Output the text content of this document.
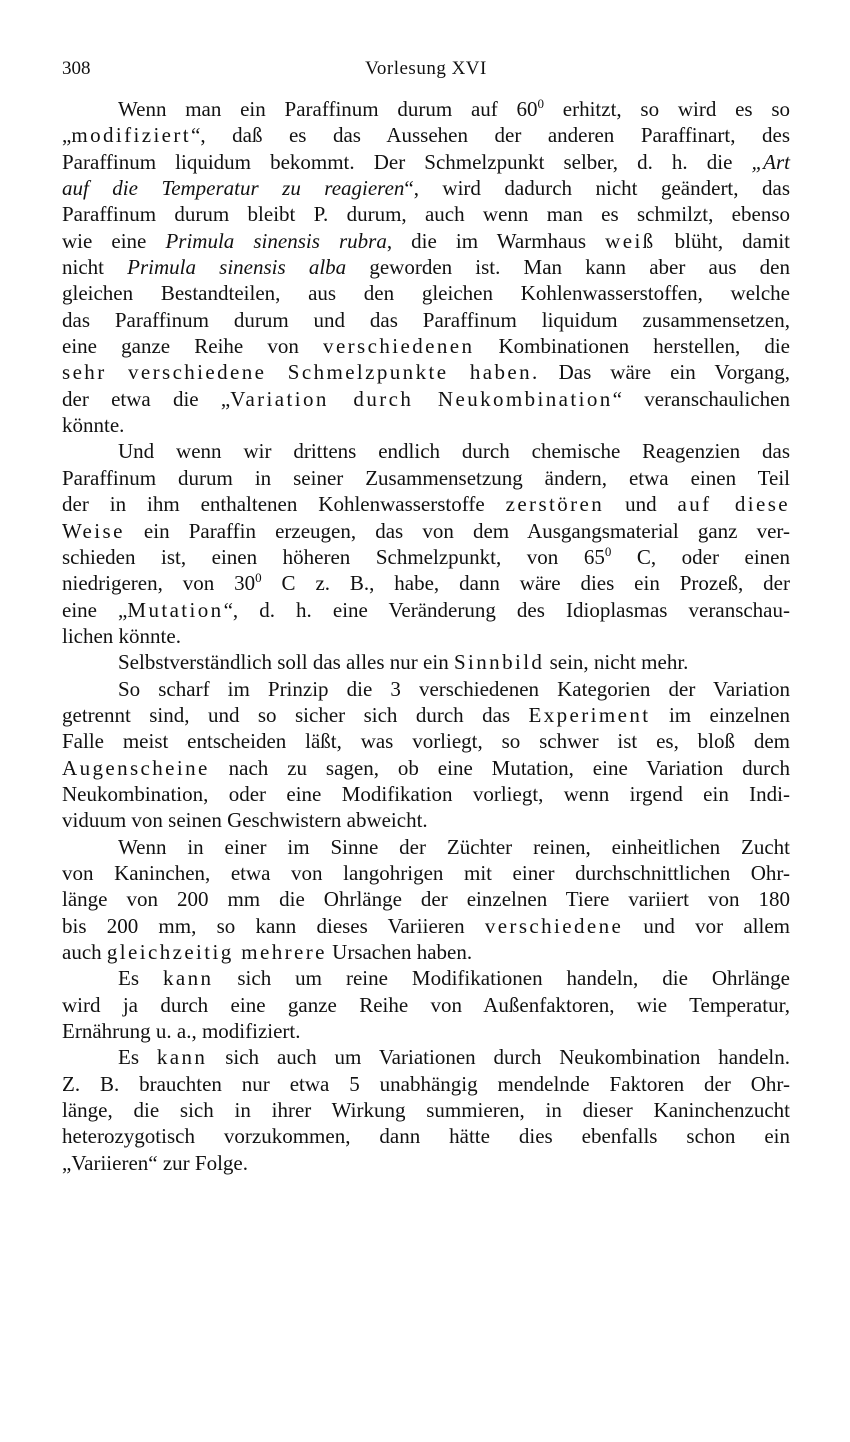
308	Vorlesung XVI
Wenn man ein Paraffinum durum auf $60^0$ erhitzt, so wird es so
„modifiziert“, daß es das Aussehen der anderen Paraffinart, des
Paraffinum liquidum bekommt. Der Schmelzpunkt selber, d. h. die „Art
auf die Temperatur zu reagieren“, wird dadurch nicht geändert, das
Paraffinum durum bleibt P. durum, auch wenn man es schmilzt, ebenso
wie eine Primula sinensis rubra, die im Warmhaus weiß blüht, damit
nicht Primula sinensis alba geworden ist. Man kann aber aus den
gleichen Bestandteilen, aus den gleichen Kohlenwasserstoffen, welche
das Paraffinum durum und das Paraffinum liquidum zusammensetzen,
eine ganze Reihe von verschiedenen Kombinationen herstellen, die
sehr verschiedene Schmelzpunkte haben. Das wäre ein Vorgang,
der etwa die „Variation durch Neukombination“ veranschaulichen
könnte.
Und wenn wir drittens endlich durch chemische Reagenzien das
Paraffinum durum in seiner Zusammensetzung ändern, etwa einen Teil
der in ihm enthaltenen Kohlenwasserstoffe zerstören und auf diese
Weise ein Paraffin erzeugen, das von dem Ausgangsmaterial ganz ver-
schieden ist, einen höheren Schmelzpunkt, von $65^0$ C, oder einen
niedrigeren, von $30^0$ C z. B., habe, dann wäre dies ein Prozeß, der
eine „Mutation“, d. h. eine Veränderung des Idioplasmas veranschau-
lichen könnte.
Selbstverständlich soll das alles nur ein Sinnbild sein, nicht mehr.
So scharf im Prinzip die 3 verschiedenen Kategorien der Variation
getrennt sind, und so sicher sich durch das Experiment im einzelnen
Falle meist entscheiden läßt, was vorliegt, so schwer ist es, bloß dem
Augenscheine nach zu sagen, ob eine Mutation, eine Variation durch
Neukombination, oder eine Modifikation vorliegt, wenn irgend ein Indi-
viduum von seinen Geschwistern abweicht.
Wenn in einer im Sinne der Züchter reinen, einheitlichen Zucht
von Kaninchen, etwa von langohrigen mit einer durchschnittlichen Ohr-
länge von 200 mm die Ohrlänge der einzelnen Tiere variiert von 180
bis 200 mm, so kann dieses Variieren verschiedene und vor allem
auch gleichzeitig mehrere Ursachen haben.
Es kann sich um reine Modifikationen handeln, die Ohrlänge
wird ja durch eine ganze Reihe von Außenfaktoren, wie Temperatur,
Ernährung u. a., modifiziert.
Es kann sich auch um Variationen durch Neukombination handeln.
Z. B. brauchten nur etwa 5 unabhängig mendelnde Faktoren der Ohr-
länge, die sich in ihrer Wirkung summieren, in dieser Kaninchenzucht
heterozygotisch vorzukommen, dann hätte dies ebenfalls schon ein
„Variieren“ zur Folge.
